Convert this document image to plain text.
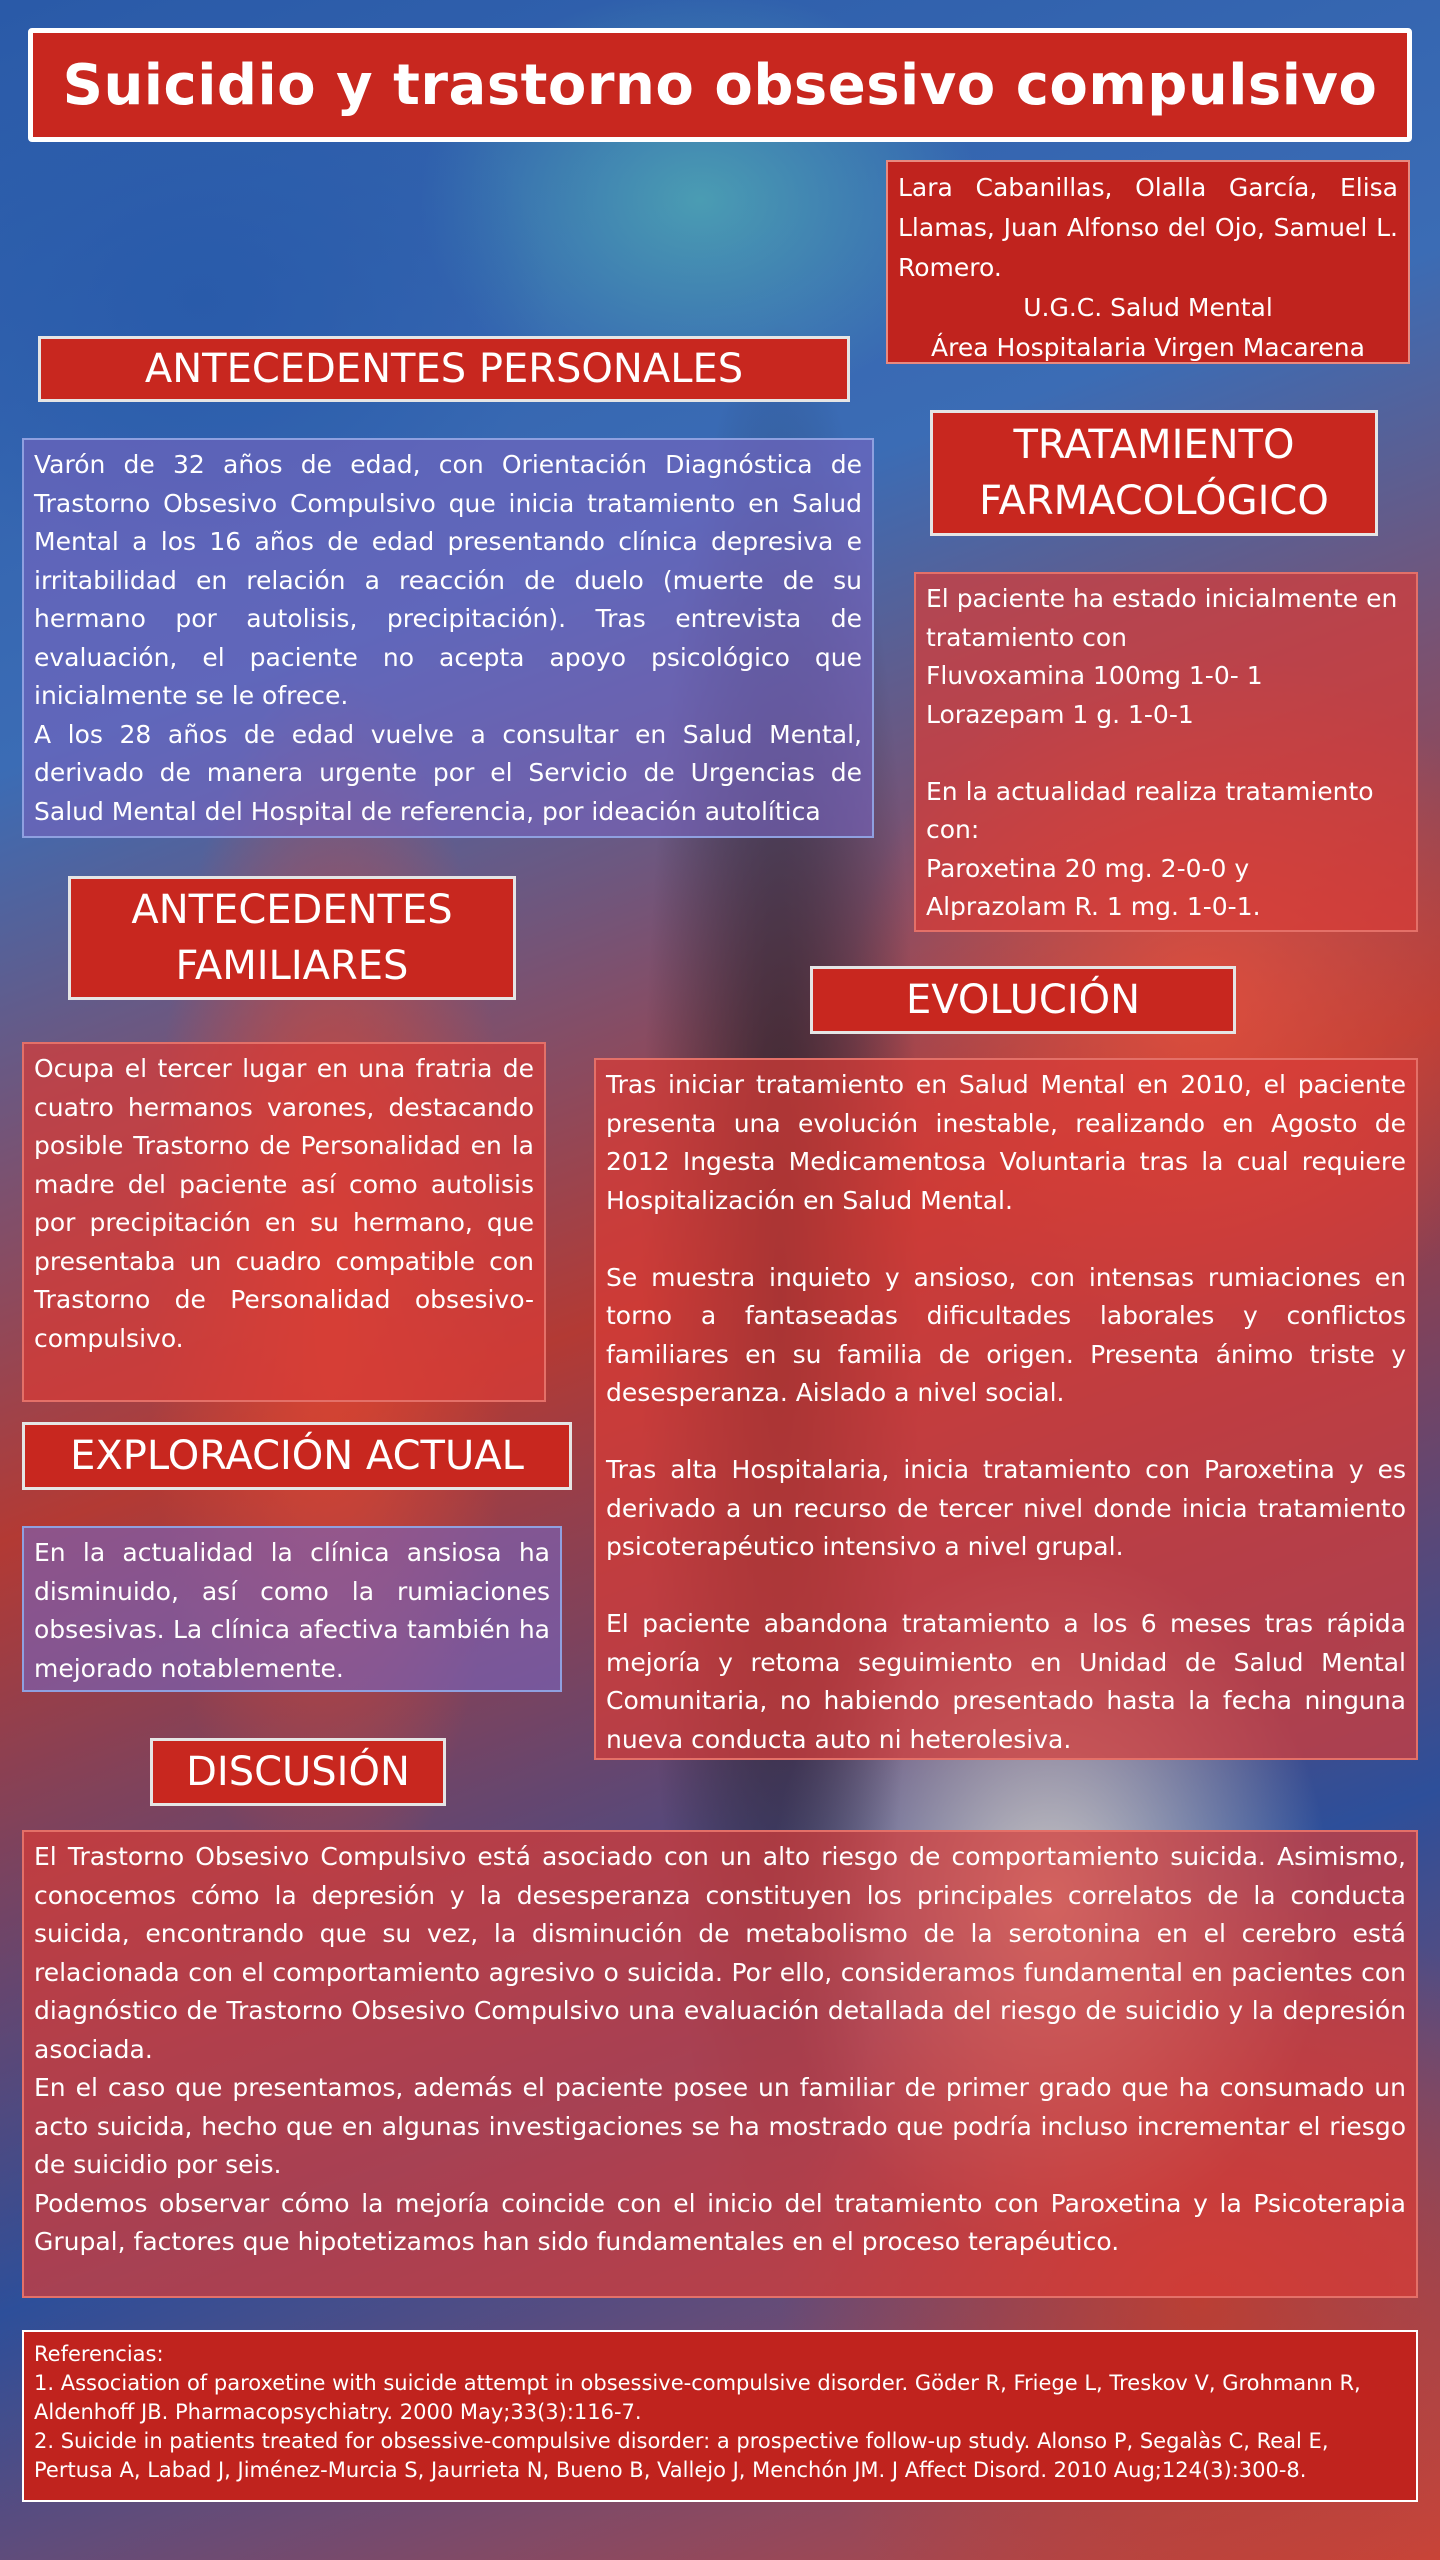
Suicidio y trastorno obsesivo compulsivo
Lara Cabanillas, Olalla García, Elisa Llamas, Juan Alfonso del Ojo, Samuel L. Romero.
U.G.C. Salud Mental
Área Hospitalaria Virgen Macarena
ANTECEDENTES PERSONALES
Varón de 32 años de edad, con Orientación Diagnóstica de Trastorno Obsesivo Compulsivo que inicia tratamiento en Salud Mental a los 16 años de edad presentando clínica depresiva e irritabilidad en relación a reacción de duelo (muerte de su hermano por autolisis, precipitación). Tras entrevista de evaluación, el paciente no acepta apoyo psicológico que inicialmente se le ofrece.
A los 28 años de edad vuelve a consultar en Salud Mental, derivado de manera urgente por el Servicio de Urgencias de Salud Mental del Hospital de referencia, por ideación autolítica
TRATAMIENTO
FARMACOLÓGICO
El paciente ha estado inicialmente en tratamiento con
Fluvoxamina 100mg 1-0- 1
Lorazepam 1 g. 1-0-1
En la actualidad realiza tratamiento con:
Paroxetina 20 mg. 2-0-0 y
Alprazolam R. 1 mg. 1-0-1.
ANTECEDENTES
FAMILIARES
Ocupa el tercer lugar en una fratria de cuatro hermanos varones, destacando posible Trastorno de Personalidad en la madre del paciente así como autolisis por precipitación en su hermano, que presentaba un cuadro compatible con Trastorno de Personalidad obsesivo-compulsivo.
EVOLUCIÓN
Tras iniciar tratamiento en Salud Mental en 2010, el paciente presenta una evolución inestable, realizando en Agosto de 2012 Ingesta Medicamentosa Voluntaria tras la cual requiere Hospitalización en Salud Mental.
Se muestra inquieto y ansioso, con intensas rumiaciones en torno a fantaseadas dificultades laborales y conflictos familiares en su familia de origen. Presenta ánimo triste y desesperanza. Aislado a nivel social.
Tras alta Hospitalaria, inicia tratamiento con Paroxetina y es derivado a un recurso de tercer nivel donde inicia tratamiento psicoterapéutico intensivo a nivel grupal.
El paciente abandona tratamiento a los 6 meses tras rápida mejoría y retoma seguimiento en Unidad de Salud Mental Comunitaria, no habiendo presentado hasta la fecha ninguna nueva conducta auto ni heterolesiva.
EXPLORACIÓN ACTUAL
En la actualidad la clínica ansiosa ha disminuido, así como la rumiaciones obsesivas. La clínica afectiva también ha mejorado notablemente.
DISCUSIÓN
El Trastorno Obsesivo Compulsivo está asociado con un alto riesgo de comportamiento suicida. Asimismo, conocemos cómo la depresión y la desesperanza constituyen los principales correlatos de la conducta suicida, encontrando que su vez, la disminución de metabolismo de la serotonina en el cerebro está relacionada con el comportamiento agresivo o suicida. Por ello, consideramos fundamental en pacientes con diagnóstico de Trastorno Obsesivo Compulsivo una evaluación detallada del riesgo de suicidio y la depresión asociada.
En el caso que presentamos, además el paciente posee un familiar de primer grado que ha consumado un acto suicida, hecho que en algunas investigaciones se ha mostrado que podría incluso incrementar el riesgo de suicidio por seis.
Podemos observar cómo la mejoría coincide con el inicio del tratamiento con Paroxetina y la Psicoterapia Grupal, factores que hipotetizamos han sido fundamentales en el proceso terapéutico.
Referencias:
1. Association of paroxetine with suicide attempt in obsessive-compulsive disorder. Göder R, Friege L, Treskov V, Grohmann R, Aldenhoff JB. Pharmacopsychiatry. 2000 May;33(3):116-7.
2. Suicide in patients treated for obsessive-compulsive disorder: a prospective follow-up study. Alonso P, Segalàs C, Real E, Pertusa A, Labad J, Jiménez-Murcia S, Jaurrieta N, Bueno B, Vallejo J, Menchón JM. J Affect Disord. 2010 Aug;124(3):300-8.
